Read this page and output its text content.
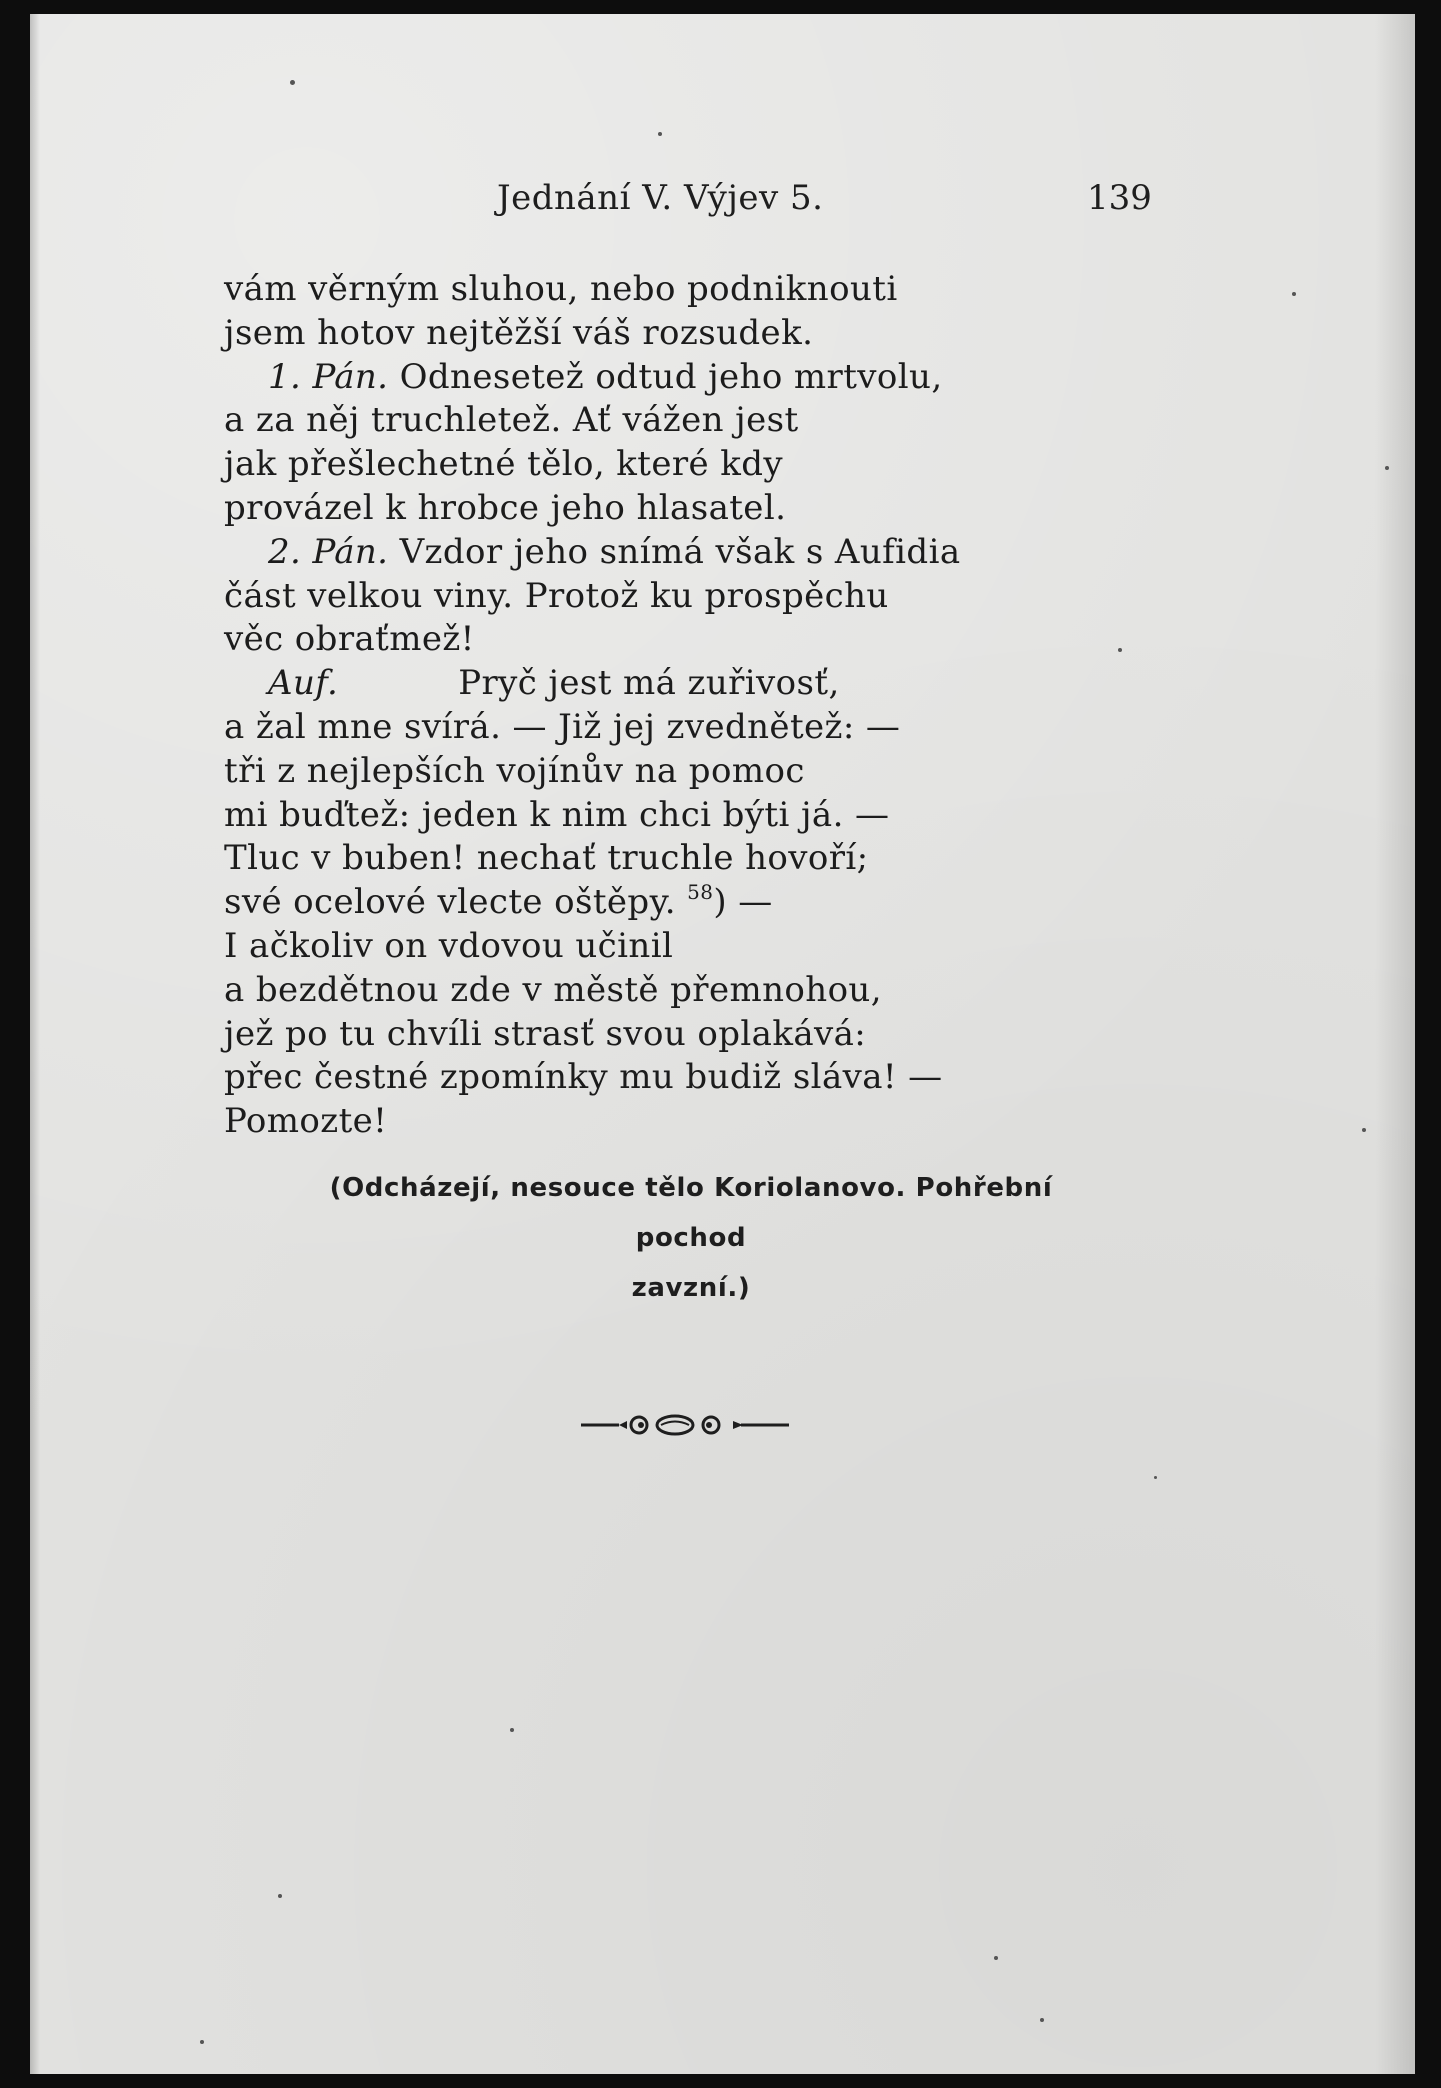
Jednání V. Výjev 5.	139
vám věrným sluhou, nebo podniknouti
jsem hotov nejtěžší váš rozsudek.
1. Pán. Odnesetež odtud jeho mrtvolu,
a za něj truchletež. Ať vážen jest
jak přešlechetné tělo, které kdy
provázel k hrobce jeho hlasatel.
2. Pán. Vzdor jeho snímá však s Aufidia
část velkou viny. Protož ku prospěchu
věc obraťmež!
Auf.	Pryč jest má zuřivosť,
a žal mne svírá. — Již jej zvednětež: —
tři z nejlepších vojínův na pomoc
mi buďtež: jeden k nim chci býti já. —
Tluc v buben! nechať truchle hovoří;
své ocelové vlecte oštěpy. $^{58}$) —
I ačkoliv on vdovou učinil
a bezdětnou zde v městě přemnohou,
jež po tu chvíli strasť svou oplakává:
přec čestné zpomínky mu budiž sláva! —
Pomozte!
(Odcházejí, nesouce tělo Koriolanovo. Pohřební pochod
zavzní.)
